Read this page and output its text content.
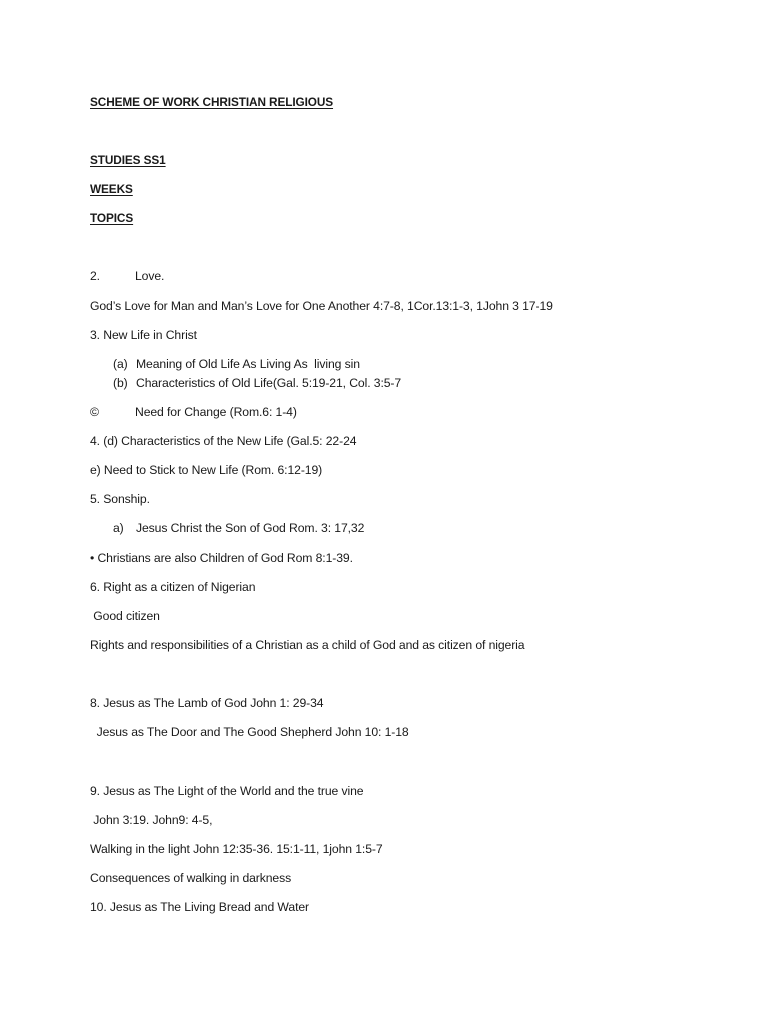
SCHEME OF WORK CHRISTIAN RELIGIOUS
STUDIES SS1
WEEKS
TOPICS
2.	Love.
God’s Love for Man and Man’s Love for One Another 4:7-8, 1Cor.13:1-3, 1John 3 17-19
3. New Life in Christ
(a) Meaning of Old Life As Living As  living sin
(b) Characteristics of Old Life(Gal. 5:19-21, Col. 3:5-7
©	Need for Change (Rom.6: 1-4)
4. (d) Characteristics of the New Life (Gal.5: 22-24
e) Need to Stick to New Life (Rom. 6:12-19)
5. Sonship.
a) Jesus Christ the Son of God Rom. 3: 17,32
• Christians are also Children of God Rom 8:1-39.
6. Right as a citizen of Nigerian
Good citizen
Rights and responsibilities of a Christian as a child of God and as citizen of nigeria
8. Jesus as The Lamb of God John 1: 29-34
Jesus as The Door and The Good Shepherd John 10: 1-18
9. Jesus as The Light of the World and the true vine
John 3:19. John9: 4-5,
Walking in the light John 12:35-36. 15:1-11, 1john 1:5-7
Consequences of walking in darkness
10. Jesus as The Living Bread and Water
